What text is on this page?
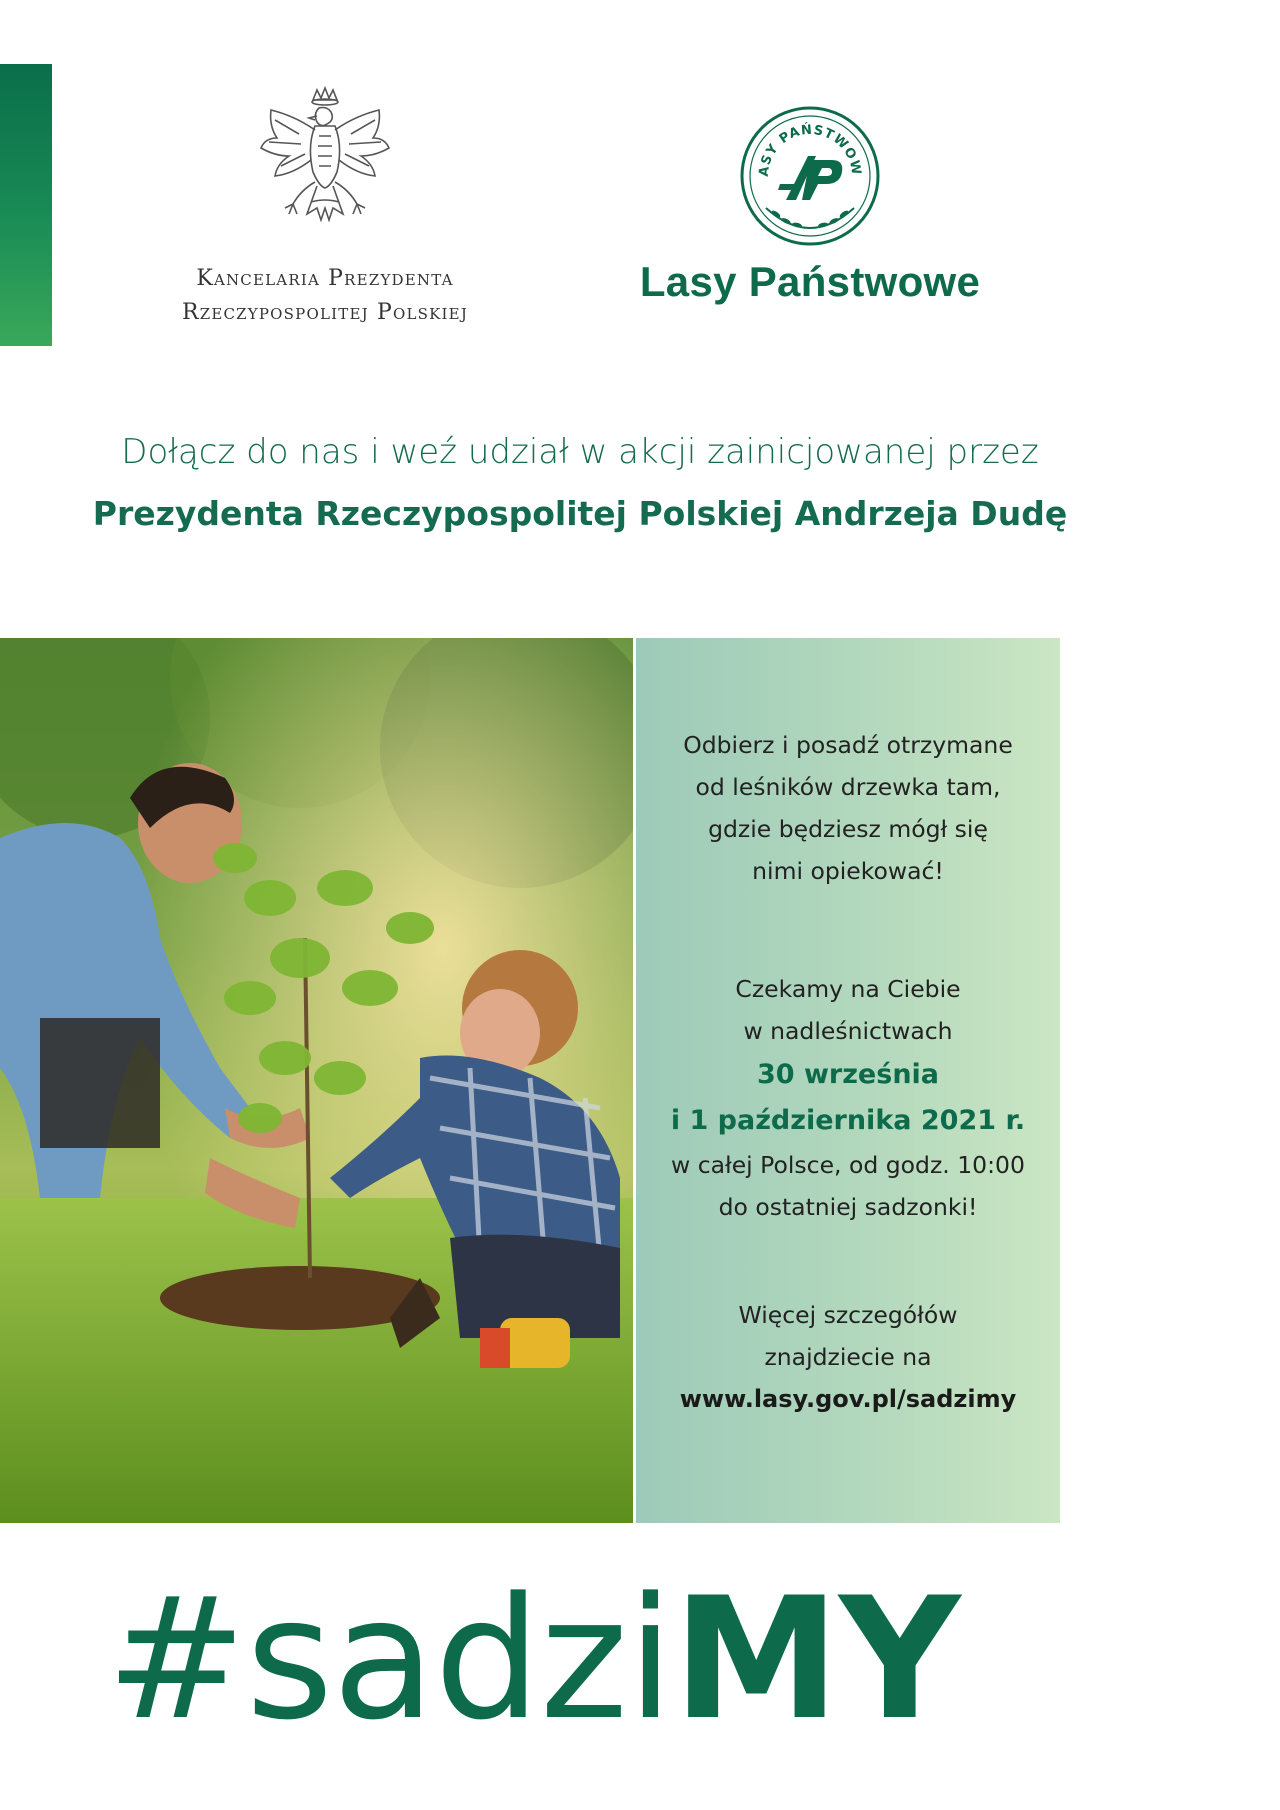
Kancelaria Prezydenta
Rzeczypospolitej Polskiej
ASY PAŃSTWOW
Lasy Państwowe
Dołącz do nas i weź udział w akcji zainicjowanej przez
Prezydenta Rzeczypospolitej Polskiej Andrzeja Dudę

Odbierz i posadź otrzymane

od leśników drzewka tam,

gdzie będziesz mógł się

nimi opiekować!

Czekamy na Ciebie

w nadleśnictwach

30 września

i 1 października 2021 r.

w całej Polsce, od godz. 10:00

do ostatniej sadzonki!

Więcej szczegółów

znajdziecie na

www.lasy.gov.pl/sadzimy

#sadziMY
